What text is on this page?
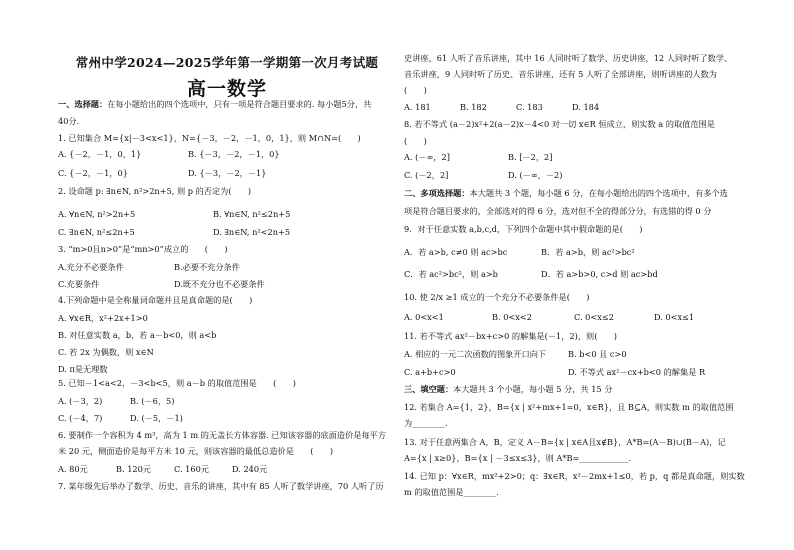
常州中学2024—2025学年第一学期第一次月考试题
高一数学
一、选择题：在每小题给出的四个选项中，只有一项是符合题目要求的. 每小题5分，共
40分.
1. 已知集合 M={x|－3<x<1}，N={－3，－2，－1，0，1}，则 M∩N=(　　)
A. {－2，－1，0，1}	B. {－3，－2，－1，0}
C. {－2，－1，0}	D. {－3，－2，－1}
2. 设命题 p: ∃n∈N, n²>2n+5, 则 p 的否定为(　　)
A. ∀n∈N, n²>2n+5	B. ∀n∈N, n²≤2n+5
C. ∃n∈N, n²≤2n+5	D. ∃n∈N, n²<2n+5
3. “m>0且n>0”是“mn>0”成立的　　(　　)
A.充分不必要条件	B.必要不充分条件
C.充要条件	D.既不充分也不必要条件
4.下列命题中是全称量词命题并且是真命题的是(　　)
A. ∀x∈R，x²+2x+1>0
B. 对任意实数 a，b，若 a－b<0，则 a<b
C. 若 2x 为偶数，则 x∈N
D. π是无理数
5. 已知－1<a<2，－3<b<5，则 a－b 的取值范围是　　(　　)
A. (－3，2)	B. (－6，5)
C. (－4，7)	D. (－5，－1)
6. 要制作一个容积为 4 m³，高为 1 m 的无盖长方体容器. 已知该容器的底面造价是每平方
米 20 元，侧面造价是每平方米 10 元，则该容器的最低总造价是　　(　　)
A. 80元	B. 120元	C. 160元	D. 240元
7. 某年级先后举办了数学、历史、音乐的讲座，其中有 85 人听了数学讲座，70 人听了历
史讲座，61 人听了音乐讲座，其中 16 人同时听了数学、历史讲座，12 人同时听了数学、
音乐讲座，9 人同时听了历史、音乐讲座，还有 5 人听了全部讲座，则听讲座的人数为
(　　)
A. 181	B. 182	C. 183	D. 184
8. 若不等式 (a－2)x²+2(a－2)x－4<0 对一切 x∈R 恒成立，则实数 a 的取值范围是
(　　)
A. (－∞，2]	B. [－2，2]
C. (－2，2]	D. (－∞，－2)
二、多项选择题：本大题共 3 个题，每小题 6 分，在每小题给出的四个选项中，有多个选
项是符合题目要求的，全部选对的得 6 分，选对但不全的得部分分，有选错的得 0 分
9．对于任意实数 a,b,c,d，下列四个命题中其中假命题的是(　　)
A．若 a>b, c≠0 则 ac>bc	B．若 a>b，则 ac²>bc²
C．若 ac²>bc²，则 a>b	D．若 a>b>0, c>d 则 ac>bd
10. 使 2/x ≥1 成立的一个充分不必要条件是(　　)
A. 0<x<1	B. 0<x<2	C. 0<x≤2	D. 0<x≤1
11. 若不等式 ax²－bx+c>0 的解集是(－1，2)，则(　　)
A. 相应的一元二次函数的图象开口向下	B. b<0 且 c>0
C. a+b+c>0	D. 不等式 ax²－cx+b<0 的解集是 R
三、填空题：本大题共 3 个小题，每小题 5 分，共 15 分
12. 若集合 A={1，2}，B={x | x²+mx+1=0，x∈R}，且 B⊆A，则实数 m 的取值范围
为________.
13. 对于任意两集合 A，B，定义 A－B={x | x∈A且x∉B}，A*B=(A－B)∪(B－A)，记
A={x | x≥0}，B={x | －3≤x≤3}，则 A*B=____________.
14. 已知 p：∀x∈R，mx²+2>0；q：∃x∈R，x²－2mx+1≤0，若 p，q 都是真命题，则实数
m 的取值范围是________.
